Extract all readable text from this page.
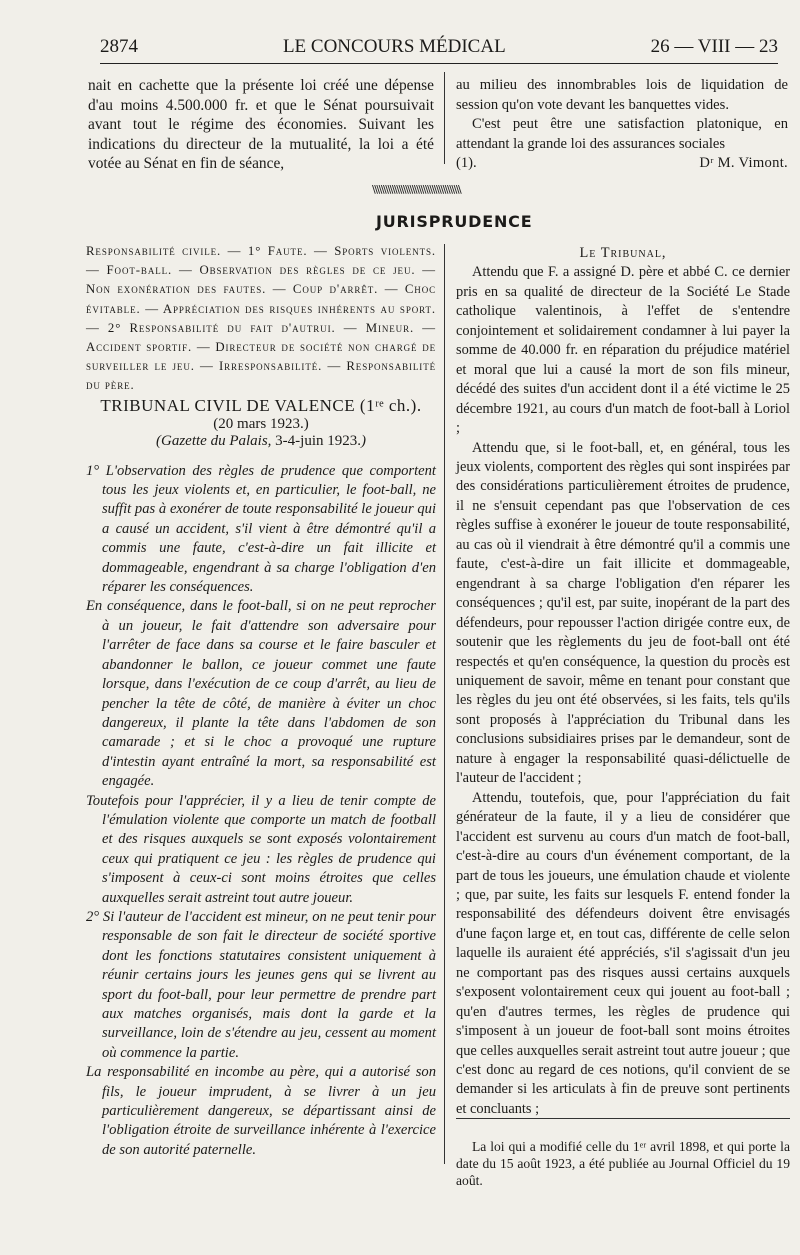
2874	LE CONCOURS MÉDICAL	26 — VIII — 23

nait en cachette que la présente loi créé une dépense d'au moins 4.500.000 fr. et que le Sénat poursuivait avant tout le régime des économies. Suivant les indications du directeur de la mutualité, la loi a été votée au Sénat en fin de séance,

au milieu des innombrables lois de liquidation de session qu'on vote devant les banquettes vides.

C'est peut être une satisfaction platonique, en attendant la grande loi des assurances sociales

(1).	Dʳ M. Vimont.
\\\\\\\\\\\\\\\\\\\\\\\\\\\\\\\\\\\\\\\\
JURISPRUDENCE

Responsabilité civile. — 1° Faute. — Sports violents. — Foot-ball. — Observation des règles de ce jeu. — Non exonération des fautes. — Coup d'arrêt. — Choc évitable. — Appréciation des risques inhérents au sport. — 2° Responsabilité du fait d'autrui. — Mineur. — Accident sportif. — Directeur de société non chargé de surveiller le jeu. — Irresponsabilité. — Responsabilité du père.

TRIBUNAL CIVIL DE VALENCE (1ʳᵉ ch.).

(20 mars 1923.)

(Gazette du Palais, 3-4-juin 1923.)

1° L'observation des règles de prudence que comportent tous les jeux violents et, en particulier, le foot-ball, ne suffit pas à exonérer de toute responsabilité le joueur qui a causé un accident, s'il vient à être démontré qu'il a commis une faute, c'est-à-dire un fait illicite et dommageable, engendrant à sa charge l'obligation d'en réparer les conséquences.

En conséquence, dans le foot-ball, si on ne peut reprocher à un joueur, le fait d'attendre son adversaire pour l'arrêter de face dans sa course et le faire basculer et abandonner le ballon, ce joueur commet une faute lorsque, dans l'exécution de ce coup d'arrêt, au lieu de pencher la tête de côté, de manière à éviter un choc dangereux, il plante la tête dans l'abdomen de son camarade ; et si le choc a provoqué une rupture d'intestin ayant entraîné la mort, sa responsabilité est engagée.

Toutefois pour l'apprécier, il y a lieu de tenir compte de l'émulation violente que comporte un match de football et des risques auxquels se sont exposés volontairement ceux qui pratiquent ce jeu : les règles de prudence qui s'imposent à ceux-ci sont moins étroites que celles auxquelles serait astreint tout autre joueur.

2° Si l'auteur de l'accident est mineur, on ne peut tenir pour responsable de son fait le directeur de société sportive dont les fonctions statutaires consistent uniquement à réunir certains jours les jeunes gens qui se livrent au sport du foot-ball, pour leur permettre de prendre part aux matches organisés, mais dont la garde et la surveillance, loin de s'étendre au jeu, cessent au moment où commence la partie.

La responsabilité en incombe au père, qui a autorisé son fils, le joueur imprudent, à se livrer à un jeu particulièrement dangereux, se départissant ainsi de l'obligation étroite de surveillance inhérente à l'exercice de son autorité paternelle.

Le Tribunal,

Attendu que F. a assigné D. père et abbé C. ce dernier pris en sa qualité de directeur de la Société Le Stade catholique valentinois, à l'effet de s'entendre conjointement et solidairement condamner à lui payer la somme de 40.000 fr. en réparation du préjudice matériel et moral que lui a causé la mort de son fils mineur, décédé des suites d'un accident dont il a été victime le 25 décembre 1921, au cours d'un match de foot-ball à Loriol ;

Attendu que, si le foot-ball, et, en général, tous les jeux violents, comportent des règles qui sont inspirées par des considérations particulièrement étroites de prudence, il ne s'ensuit cependant pas que l'observation de ces règles suffise à exonérer le joueur de toute responsabilité, au cas où il viendrait à être démontré qu'il a commis une faute, c'est-à-dire un fait illicite et dommageable, engendrant à sa charge l'obligation d'en réparer les conséquences ; qu'il est, par suite, inopérant de la part des défendeurs, pour repousser l'action dirigée contre eux, de soutenir que les règlements du jeu de foot-ball ont été respectés et qu'en conséquence, la question du procès est uniquement de savoir, même en tenant pour constant que les règles du jeu ont été observées, si les faits, tels qu'ils sont proposés à l'appréciation du Tribunal dans les conclusions subsidiaires prises par le demandeur, sont de nature à engager la responsabilité quasi-délictuelle de l'auteur de l'accident ;

Attendu, toutefois, que, pour l'appréciation du fait générateur de la faute, il y a lieu de considérer que l'accident est survenu au cours d'un match de foot-ball, c'est-à-dire au cours d'un événement comportant, de la part de tous les joueurs, une émulation chaude et violente ; que, par suite, les faits sur lesquels F. entend fonder la responsabilité des défendeurs doivent être envisagés d'une façon large et, en tout cas, différente de celle selon laquelle ils auraient été appréciés, s'il s'agissait d'un jeu ne comportant pas des risques aussi certains auxquels s'exposent volontairement ceux qui jouent au foot-ball ; qu'en d'autres termes, les règles de prudence qui s'imposent à un joueur de foot-ball sont moins étroites que celles auxquelles serait astreint tout autre joueur ; que c'est donc au regard de ces notions, qu'il convient de se demander si les articulats à fin de preuve sont pertinents et concluants ;

La loi qui a modifié celle du 1ᵉʳ avril 1898, et qui porte la date du 15 août 1923, a été publiée au Journal Officiel du 19 août.
